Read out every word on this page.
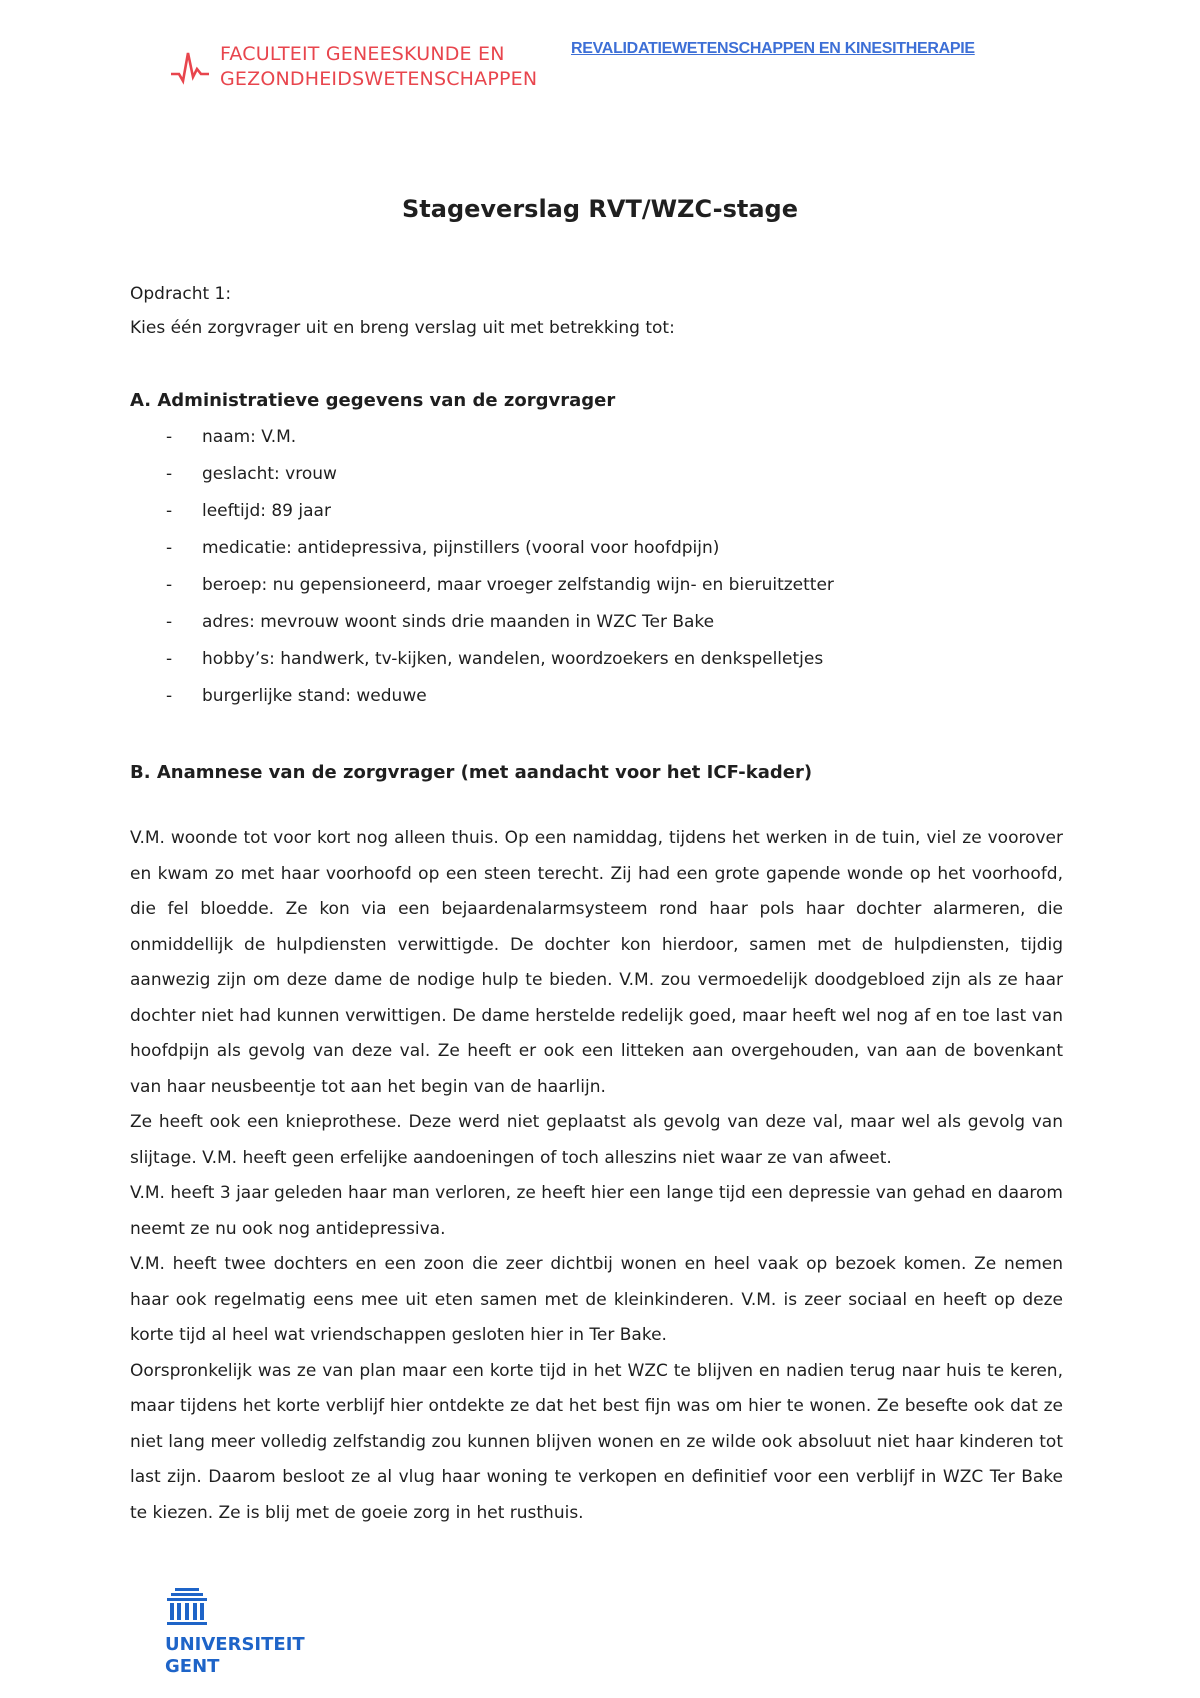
FACULTEIT GENEESKUNDE EN
GEZONDHEIDSWETENSCHAPPEN
REVALIDATIEWETENSCHAPPEN EN KINESITHERAPIE
Stageverslag RVT/WZC-stage

Opdracht 1:

Kies één zorgvrager uit en breng verslag uit met betrekking tot:

A. Administratieve gegevens van de zorgvrager
- naam: V.M.
- geslacht: vrouw
- leeftijd: 89 jaar
- medicatie: antidepressiva, pijnstillers (vooral voor hoofdpijn)
- beroep: nu gepensioneerd, maar vroeger zelfstandig wijn- en bieruitzetter
- adres: mevrouw woont sinds drie maanden in WZC Ter Bake
- hobby’s: handwerk, tv-kijken, wandelen, woordzoekers en denkspelletjes
- burgerlijke stand: weduwe
B. Anamnese van de zorgvrager (met aandacht voor het ICF-kader)

V.M. woonde tot voor kort nog alleen thuis. Op een namiddag, tijdens het werken in de tuin, viel ze voorover en kwam zo met haar voorhoofd op een steen terecht. Zij had een grote gapende wonde op het voorhoofd, die fel bloedde. Ze kon via een bejaardenalarmsysteem rond haar pols haar dochter alarmeren, die onmiddellijk de hulpdiensten verwittigde. De dochter kon hierdoor, samen met de hulpdiensten, tijdig aanwezig zijn om deze dame de nodige hulp te bieden. V.M. zou vermoedelijk doodgebloed zijn als ze haar dochter niet had kunnen verwittigen. De dame herstelde redelijk goed, maar heeft wel nog af en toe last van hoofdpijn als gevolg van deze val. Ze heeft er ook een litteken aan overgehouden, van aan de bovenkant van haar neusbeentje tot aan het begin van de haarlijn.

Ze heeft ook een knieprothese. Deze werd niet geplaatst als gevolg van deze val, maar wel als gevolg van slijtage. V.M. heeft geen erfelijke aandoeningen of toch alleszins niet waar ze van afweet.

V.M. heeft 3 jaar geleden haar man verloren, ze heeft hier een lange tijd een depressie van gehad en daarom neemt ze nu ook nog antidepressiva.

V.M. heeft twee dochters en een zoon die zeer dichtbij wonen en heel vaak op bezoek komen. Ze nemen haar ook regelmatig eens mee uit eten samen met de kleinkinderen. V.M. is zeer sociaal en heeft op deze korte tijd al heel wat vriendschappen gesloten hier in Ter Bake.

Oorspronkelijk was ze van plan maar een korte tijd in het WZC te blijven en nadien terug naar huis te keren, maar tijdens het korte verblijf hier ontdekte ze dat het best fijn was om hier te wonen. Ze besefte ook dat ze niet lang meer volledig zelfstandig zou kunnen blijven wonen en ze wilde ook absoluut niet haar kinderen tot last zijn. Daarom besloot ze al vlug haar woning te verkopen en definitief voor een verblijf in WZC Ter Bake te kiezen. Ze is blij met de goeie zorg in het rusthuis.

UNIVERSITEIT
GENT
